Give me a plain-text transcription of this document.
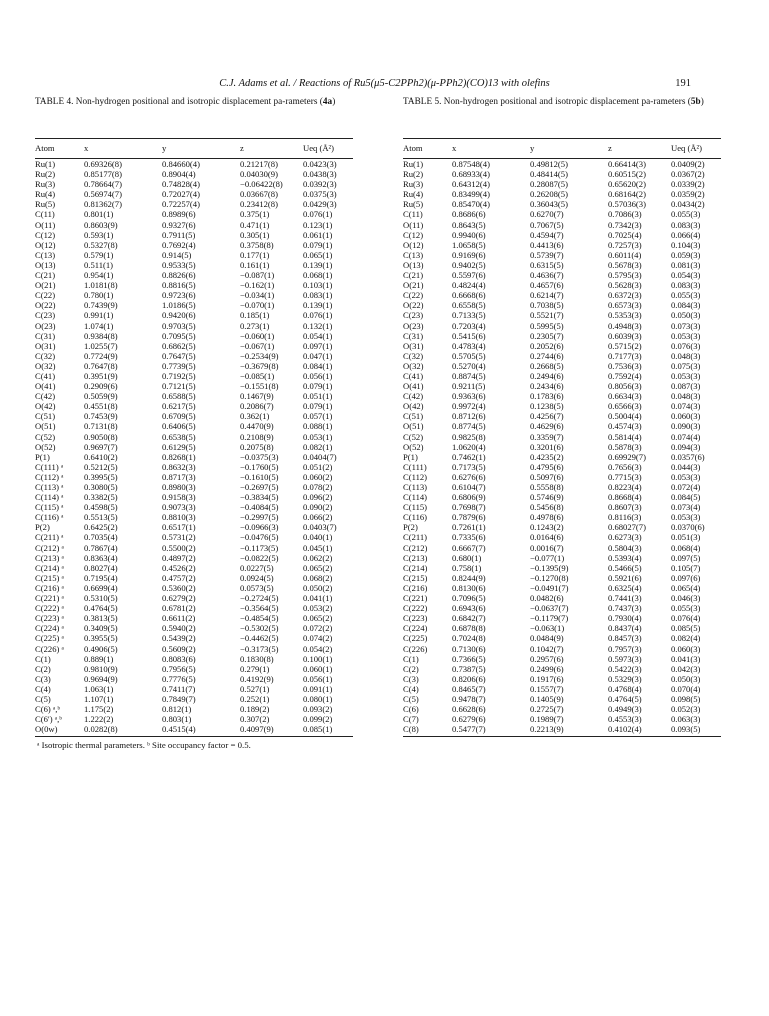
C.J. Adams et al. / Reactions of Ru5(μ5-C2PPh2)(μ-PPh2)(CO)13 with olefins	191
TABLE 4. Non-hydrogen positional and isotropic displacement pa-rameters (4a)
Atom	x	y	z	Ueq (Å²)
Ru(1)	0.69326(8)	0.84660(4)	0.21217(8)	0.0423(3)
Ru(2)	0.85177(8)	0.8904(4)	0.04030(9)	0.0438(3)
Ru(3)	0.78664(7)	0.74828(4)	−0.06422(8)	0.0392(3)
Ru(4)	0.56974(7)	0.72027(4)	0.03667(8)	0.0375(3)
Ru(5)	0.81362(7)	0.72257(4)	0.23412(8)	0.0429(3)
C(11)	0.801(1)	0.8989(6)	0.375(1)	0.076(1)
O(11)	0.8603(9)	0.9327(6)	0.471(1)	0.123(1)
C(12)	0.593(1)	0.7911(5)	0.305(1)	0.061(1)
O(12)	0.5327(8)	0.7692(4)	0.3758(8)	0.079(1)
C(13)	0.579(1)	0.914(5)	0.177(1)	0.065(1)
O(13)	0.511(1)	0.9533(5)	0.161(1)	0.139(1)
C(21)	0.954(1)	0.8826(6)	−0.087(1)	0.068(1)
O(21)	1.0181(8)	0.8816(5)	−0.162(1)	0.103(1)
C(22)	0.780(1)	0.9723(6)	−0.034(1)	0.083(1)
O(22)	0.7439(9)	1.0186(5)	−0.070(1)	0.139(1)
C(23)	0.991(1)	0.9420(6)	0.185(1)	0.076(1)
O(23)	1.074(1)	0.9703(5)	0.273(1)	0.132(1)
C(31)	0.9384(8)	0.7095(5)	−0.060(1)	0.054(1)
O(31)	1.0255(7)	0.6862(5)	−0.067(1)	0.097(1)
C(32)	0.7724(9)	0.7647(5)	−0.2534(9)	0.047(1)
O(32)	0.7647(8)	0.7739(5)	−0.3679(8)	0.084(1)
C(41)	0.3951(9)	0.7192(5)	−0.085(1)	0.056(1)
O(41)	0.2909(6)	0.7121(5)	−0.1551(8)	0.079(1)
C(42)	0.5059(9)	0.6588(5)	0.1467(9)	0.051(1)
O(42)	0.4551(8)	0.6217(5)	0.2086(7)	0.079(1)
C(51)	0.7453(9)	0.6709(5)	0.362(1)	0.057(1)
O(51)	0.7131(8)	0.6406(5)	0.4470(9)	0.088(1)
C(52)	0.9050(8)	0.6538(5)	0.2108(9)	0.053(1)
O(52)	0.9697(7)	0.6129(5)	0.2075(8)	0.082(1)
P(1)	0.6410(2)	0.8268(1)	−0.0375(3)	0.0404(7)
C(111) ᵃ	0.5212(5)	0.8632(3)	−0.1760(5)	0.051(2)
C(112) ᵃ	0.3995(5)	0.8717(3)	−0.1610(5)	0.060(2)
C(113) ᵃ	0.3080(5)	0.8980(3)	−0.2697(5)	0.078(2)
C(114) ᵃ	0.3382(5)	0.9158(3)	−0.3834(5)	0.096(2)
C(115) ᵃ	0.4598(5)	0.9073(3)	−0.4084(5)	0.090(2)
C(116) ᵃ	0.5513(5)	0.8810(3)	−0.2997(5)	0.066(2)
P(2)	0.6425(2)	0.6517(1)	−0.0966(3)	0.0403(7)
C(211) ᵃ	0.7035(4)	0.5731(2)	−0.0476(5)	0.040(1)
C(212) ᵃ	0.7867(4)	0.5500(2)	−0.1173(5)	0.045(1)
C(213) ᵃ	0.8363(4)	0.4897(2)	−0.0822(5)	0.062(2)
C(214) ᵃ	0.8027(4)	0.4526(2)	0.0227(5)	0.065(2)
C(215) ᵃ	0.7195(4)	0.4757(2)	0.0924(5)	0.068(2)
C(216) ᵃ	0.6699(4)	0.5360(2)	0.0573(5)	0.050(2)
C(221) ᵃ	0.5310(5)	0.6279(2)	−0.2724(5)	0.041(1)
C(222) ᵃ	0.4764(5)	0.6781(2)	−0.3564(5)	0.053(2)
C(223) ᵃ	0.3813(5)	0.6611(2)	−0.4854(5)	0.065(2)
C(224) ᵃ	0.3409(5)	0.5940(2)	−0.5302(5)	0.072(2)
C(225) ᵃ	0.3955(5)	0.5439(2)	−0.4462(5)	0.074(2)
C(226) ᵃ	0.4906(5)	0.5609(2)	−0.3173(5)	0.054(2)
C(1)	0.889(1)	0.8083(6)	0.1830(8)	0.100(1)
C(2)	0.9810(9)	0.7956(5)	0.279(1)	0.060(1)
C(3)	0.9694(9)	0.7776(5)	0.4192(9)	0.056(1)
C(4)	1.063(1)	0.7411(7)	0.527(1)	0.091(1)
C(5)	1.107(1)	0.7849(7)	0.252(1)	0.080(1)
C(6) ᵃ,ᵇ	1.175(2)	0.812(1)	0.189(2)	0.093(2)
C(6′) ᵃ,ᵇ	1.222(2)	0.803(1)	0.307(2)	0.099(2)
O(0w)	0.0282(8)	0.4515(4)	0.4097(9)	0.085(1)
ᵃ Isotropic thermal parameters. ᵇ Site occupancy factor = 0.5.
TABLE 5. Non-hydrogen positional and isotropic displacement pa-rameters (5b)
Atom	x	y	z	Ueq (Å²)
Ru(1)	0.87548(4)	0.49812(5)	0.66414(3)	0.0409(2)
Ru(2)	0.68933(4)	0.48414(5)	0.60515(2)	0.0367(2)
Ru(3)	0.64312(4)	0.28087(5)	0.65620(2)	0.0339(2)
Ru(4)	0.83499(4)	0.26208(5)	0.68164(2)	0.0359(2)
Ru(5)	0.85470(4)	0.36043(5)	0.57036(3)	0.0434(2)
C(11)	0.8686(6)	0.6270(7)	0.7086(3)	0.055(3)
O(11)	0.8643(5)	0.7067(5)	0.7342(3)	0.083(3)
C(12)	0.9940(6)	0.4594(7)	0.7025(4)	0.066(4)
O(12)	1.0658(5)	0.4413(6)	0.7257(3)	0.104(3)
C(13)	0.9169(6)	0.5739(7)	0.6011(4)	0.059(3)
O(13)	0.9402(5)	0.6315(5)	0.5678(3)	0.081(3)
C(21)	0.5597(6)	0.4636(7)	0.5795(3)	0.054(3)
O(21)	0.4824(4)	0.4657(6)	0.5628(3)	0.083(3)
C(22)	0.6668(6)	0.6214(7)	0.6372(3)	0.055(3)
O(22)	0.6558(5)	0.7038(5)	0.6573(3)	0.084(3)
C(23)	0.7133(5)	0.5521(7)	0.5353(3)	0.050(3)
O(23)	0.7203(4)	0.5995(5)	0.4948(3)	0.073(3)
C(31)	0.5415(6)	0.2305(7)	0.6039(3)	0.053(3)
O(31)	0.4783(4)	0.2052(6)	0.5715(2)	0.076(3)
C(32)	0.5705(5)	0.2744(6)	0.7177(3)	0.048(3)
O(32)	0.5270(4)	0.2668(5)	0.7536(3)	0.075(3)
C(41)	0.8874(5)	0.2494(6)	0.7592(4)	0.053(3)
O(41)	0.9211(5)	0.2434(6)	0.8056(3)	0.087(3)
C(42)	0.9363(6)	0.1783(6)	0.6634(3)	0.048(3)
O(42)	0.9972(4)	0.1238(5)	0.6566(3)	0.074(3)
C(51)	0.8712(6)	0.4256(7)	0.5004(4)	0.060(3)
O(51)	0.8774(5)	0.4629(6)	0.4574(3)	0.090(3)
C(52)	0.9825(8)	0.3359(7)	0.5814(4)	0.074(4)
O(52)	1.0620(4)	0.3201(6)	0.5878(3)	0.094(3)
P(1)	0.7462(1)	0.4235(2)	0.69929(7)	0.0357(6)
C(111)	0.7173(5)	0.4795(6)	0.7656(3)	0.044(3)
C(112)	0.6276(6)	0.5097(6)	0.7715(3)	0.053(3)
C(113)	0.6104(7)	0.5558(8)	0.8223(4)	0.072(4)
C(114)	0.6806(9)	0.5746(9)	0.8668(4)	0.084(5)
C(115)	0.7698(7)	0.5456(8)	0.8607(3)	0.073(4)
C(116)	0.7879(6)	0.4978(6)	0.8116(3)	0.053(3)
P(2)	0.7261(1)	0.1243(2)	0.68027(7)	0.0370(6)
C(211)	0.7335(6)	0.0164(6)	0.6273(3)	0.051(3)
C(212)	0.6667(7)	0.0016(7)	0.5804(3)	0.068(4)
C(213)	0.680(1)	−0.077(1)	0.5393(4)	0.097(5)
C(214)	0.758(1)	−0.1395(9)	0.5466(5)	0.105(7)
C(215)	0.8244(9)	−0.1270(8)	0.5921(6)	0.097(6)
C(216)	0.8130(6)	−0.0491(7)	0.6325(4)	0.065(4)
C(221)	0.7096(5)	0.0482(6)	0.7441(3)	0.046(3)
C(222)	0.6943(6)	−0.0637(7)	0.7437(3)	0.055(3)
C(223)	0.6842(7)	−0.1179(7)	0.7930(4)	0.076(4)
C(224)	0.6878(8)	−0.063(1)	0.8437(4)	0.085(5)
C(225)	0.7024(8)	0.0484(9)	0.8457(3)	0.082(4)
C(226)	0.7130(6)	0.1042(7)	0.7957(3)	0.060(3)
C(1)	0.7366(5)	0.2957(6)	0.5973(3)	0.041(3)
C(2)	0.7387(5)	0.2499(6)	0.5422(3)	0.042(3)
C(3)	0.8206(6)	0.1917(6)	0.5329(3)	0.050(3)
C(4)	0.8465(7)	0.1557(7)	0.4768(4)	0.070(4)
C(5)	0.9478(7)	0.1405(9)	0.4764(5)	0.098(5)
C(6)	0.6628(6)	0.2725(7)	0.4949(3)	0.052(3)
C(7)	0.6279(6)	0.1989(7)	0.4553(3)	0.063(3)
C(8)	0.5477(7)	0.2213(9)	0.4102(4)	0.093(5)
